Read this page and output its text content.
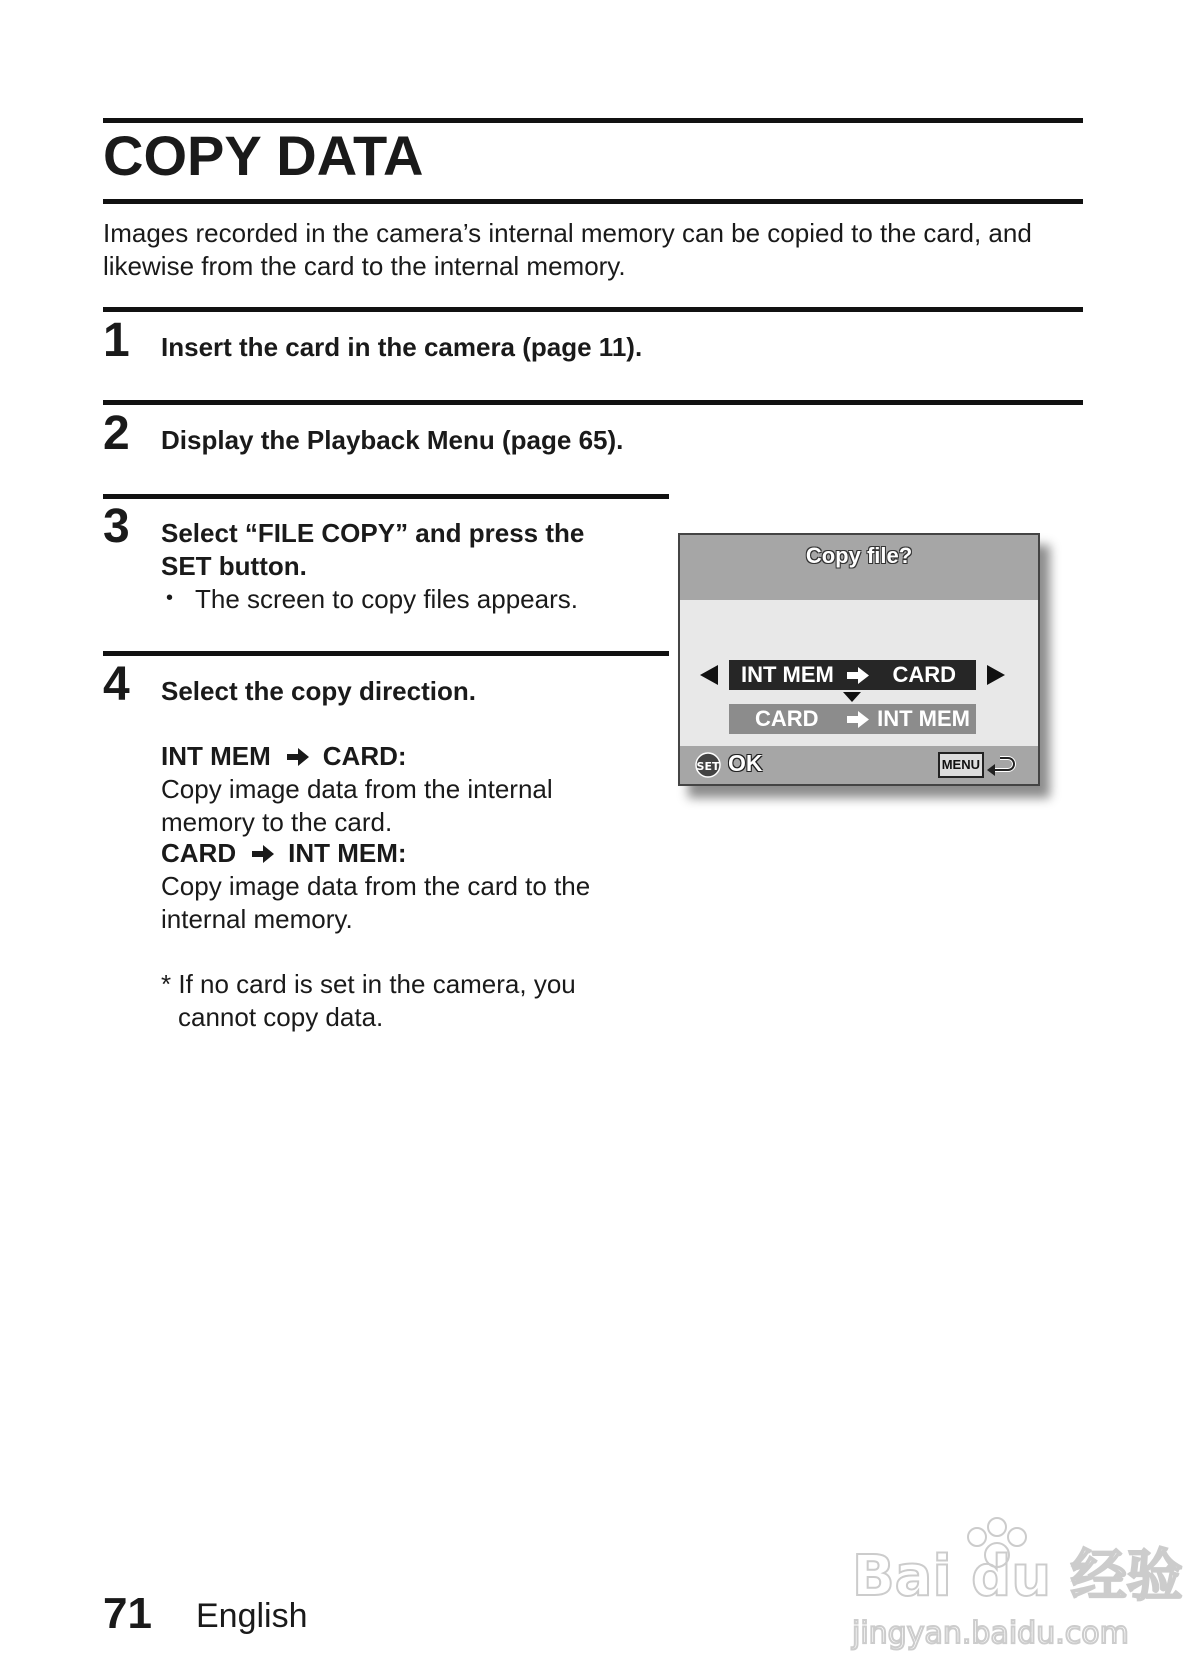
COPY DATA
Images recorded in the camera’s internal memory can be copied to the card, and likewise from the card to the internal memory.
1 Insert the card in the camera (page 11).
2 Display the Playback Menu (page 65).
3 Select “FILE COPY” and press the
SET button.
• The screen to copy files appears.
4 Select the copy direction.
INT MEM CARD:
Copy image data from the internal
memory to the card.
CARD INT MEM:
Copy image data from the card to the
internal memory.
* If no card is set in the camera, you
cannot copy data.
Copy file?
INT MEM	CARD
CARD	INT MEM
SET OK	MENU
71 English
Bai du 经验
jingyan.baidu.com
